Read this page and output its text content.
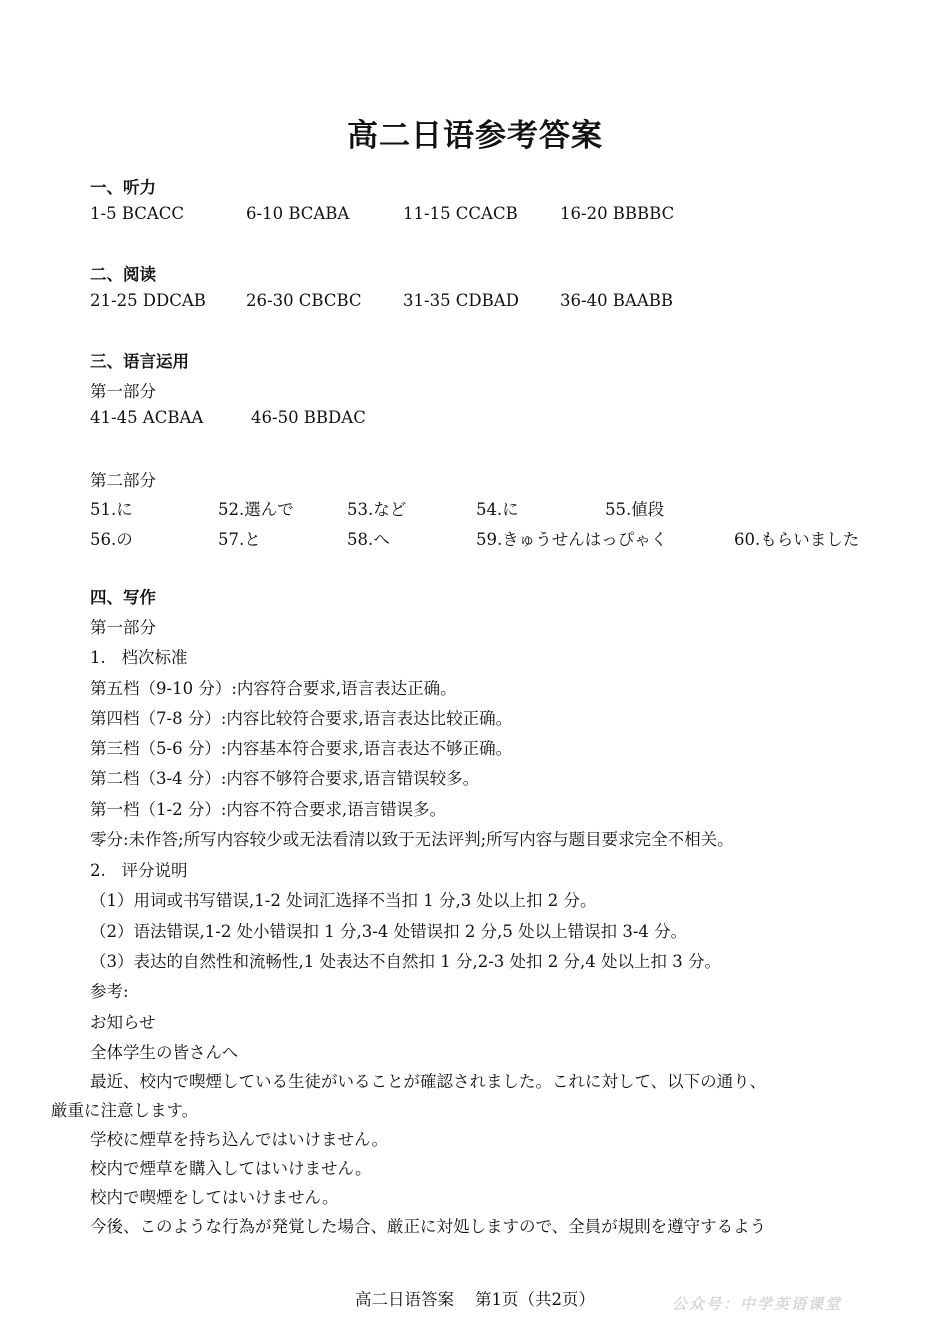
高二日语参考答案
一、听力
1-5 BCACC	6-10 BCABA	11-15 CCACB	16-20 BBBBC
二、阅读
21-25 DDCAB 26-30 CBCBC	31-35 CDBAD 36-40 BAABB
三、语言运用
第一部分
41-45 ACBAA	46-50 BBDAC
第二部分
51.に	52.選んで	53.など	54.に	55.値段
56.の	57.と	58.へ	59.きゅうせんはっぴゃく	60.もらいました
四、写作
第一部分
1.   档次标准
第五档（9-10 分）:内容符合要求,语言表达正确。
第四档（7-8 分）:内容比较符合要求,语言表达比较正确。
第三档（5-6 分）:内容基本符合要求,语言表达不够正确。
第二档（3-4 分）:内容不够符合要求,语言错误较多。
第一档（1-2 分）:内容不符合要求,语言错误多。
零分:未作答;所写内容较少或无法看清以致于无法评判;所写内容与题目要求完全不相关。
2.   评分说明
（1）用词或书写错误,1-2 处词汇选择不当扣 1 分,3 处以上扣 2 分。
（2）语法错误,1-2 处小错误扣 1 分,3-4 处错误扣 2 分,5 处以上错误扣 3-4 分。
（3）表达的自然性和流畅性,1 处表达不自然扣 1 分,2-3 处扣 2 分,4 处以上扣 3 分。
参考:
お知らせ
全体学生の皆さんへ
最近、校内で喫煙している生徒がいることが確認されました。これに対して、以下の通り、
厳重に注意します。
学校に煙草を持ち込んではいけません。
校内で煙草を購入してはいけません。
校内で喫煙をしてはいけません。
今後、このような行為が発覚した場合、厳正に対処しますので、全員が規則を遵守するよう
高二日语答案    第1页（共2页）	公众号：中学英语课堂
